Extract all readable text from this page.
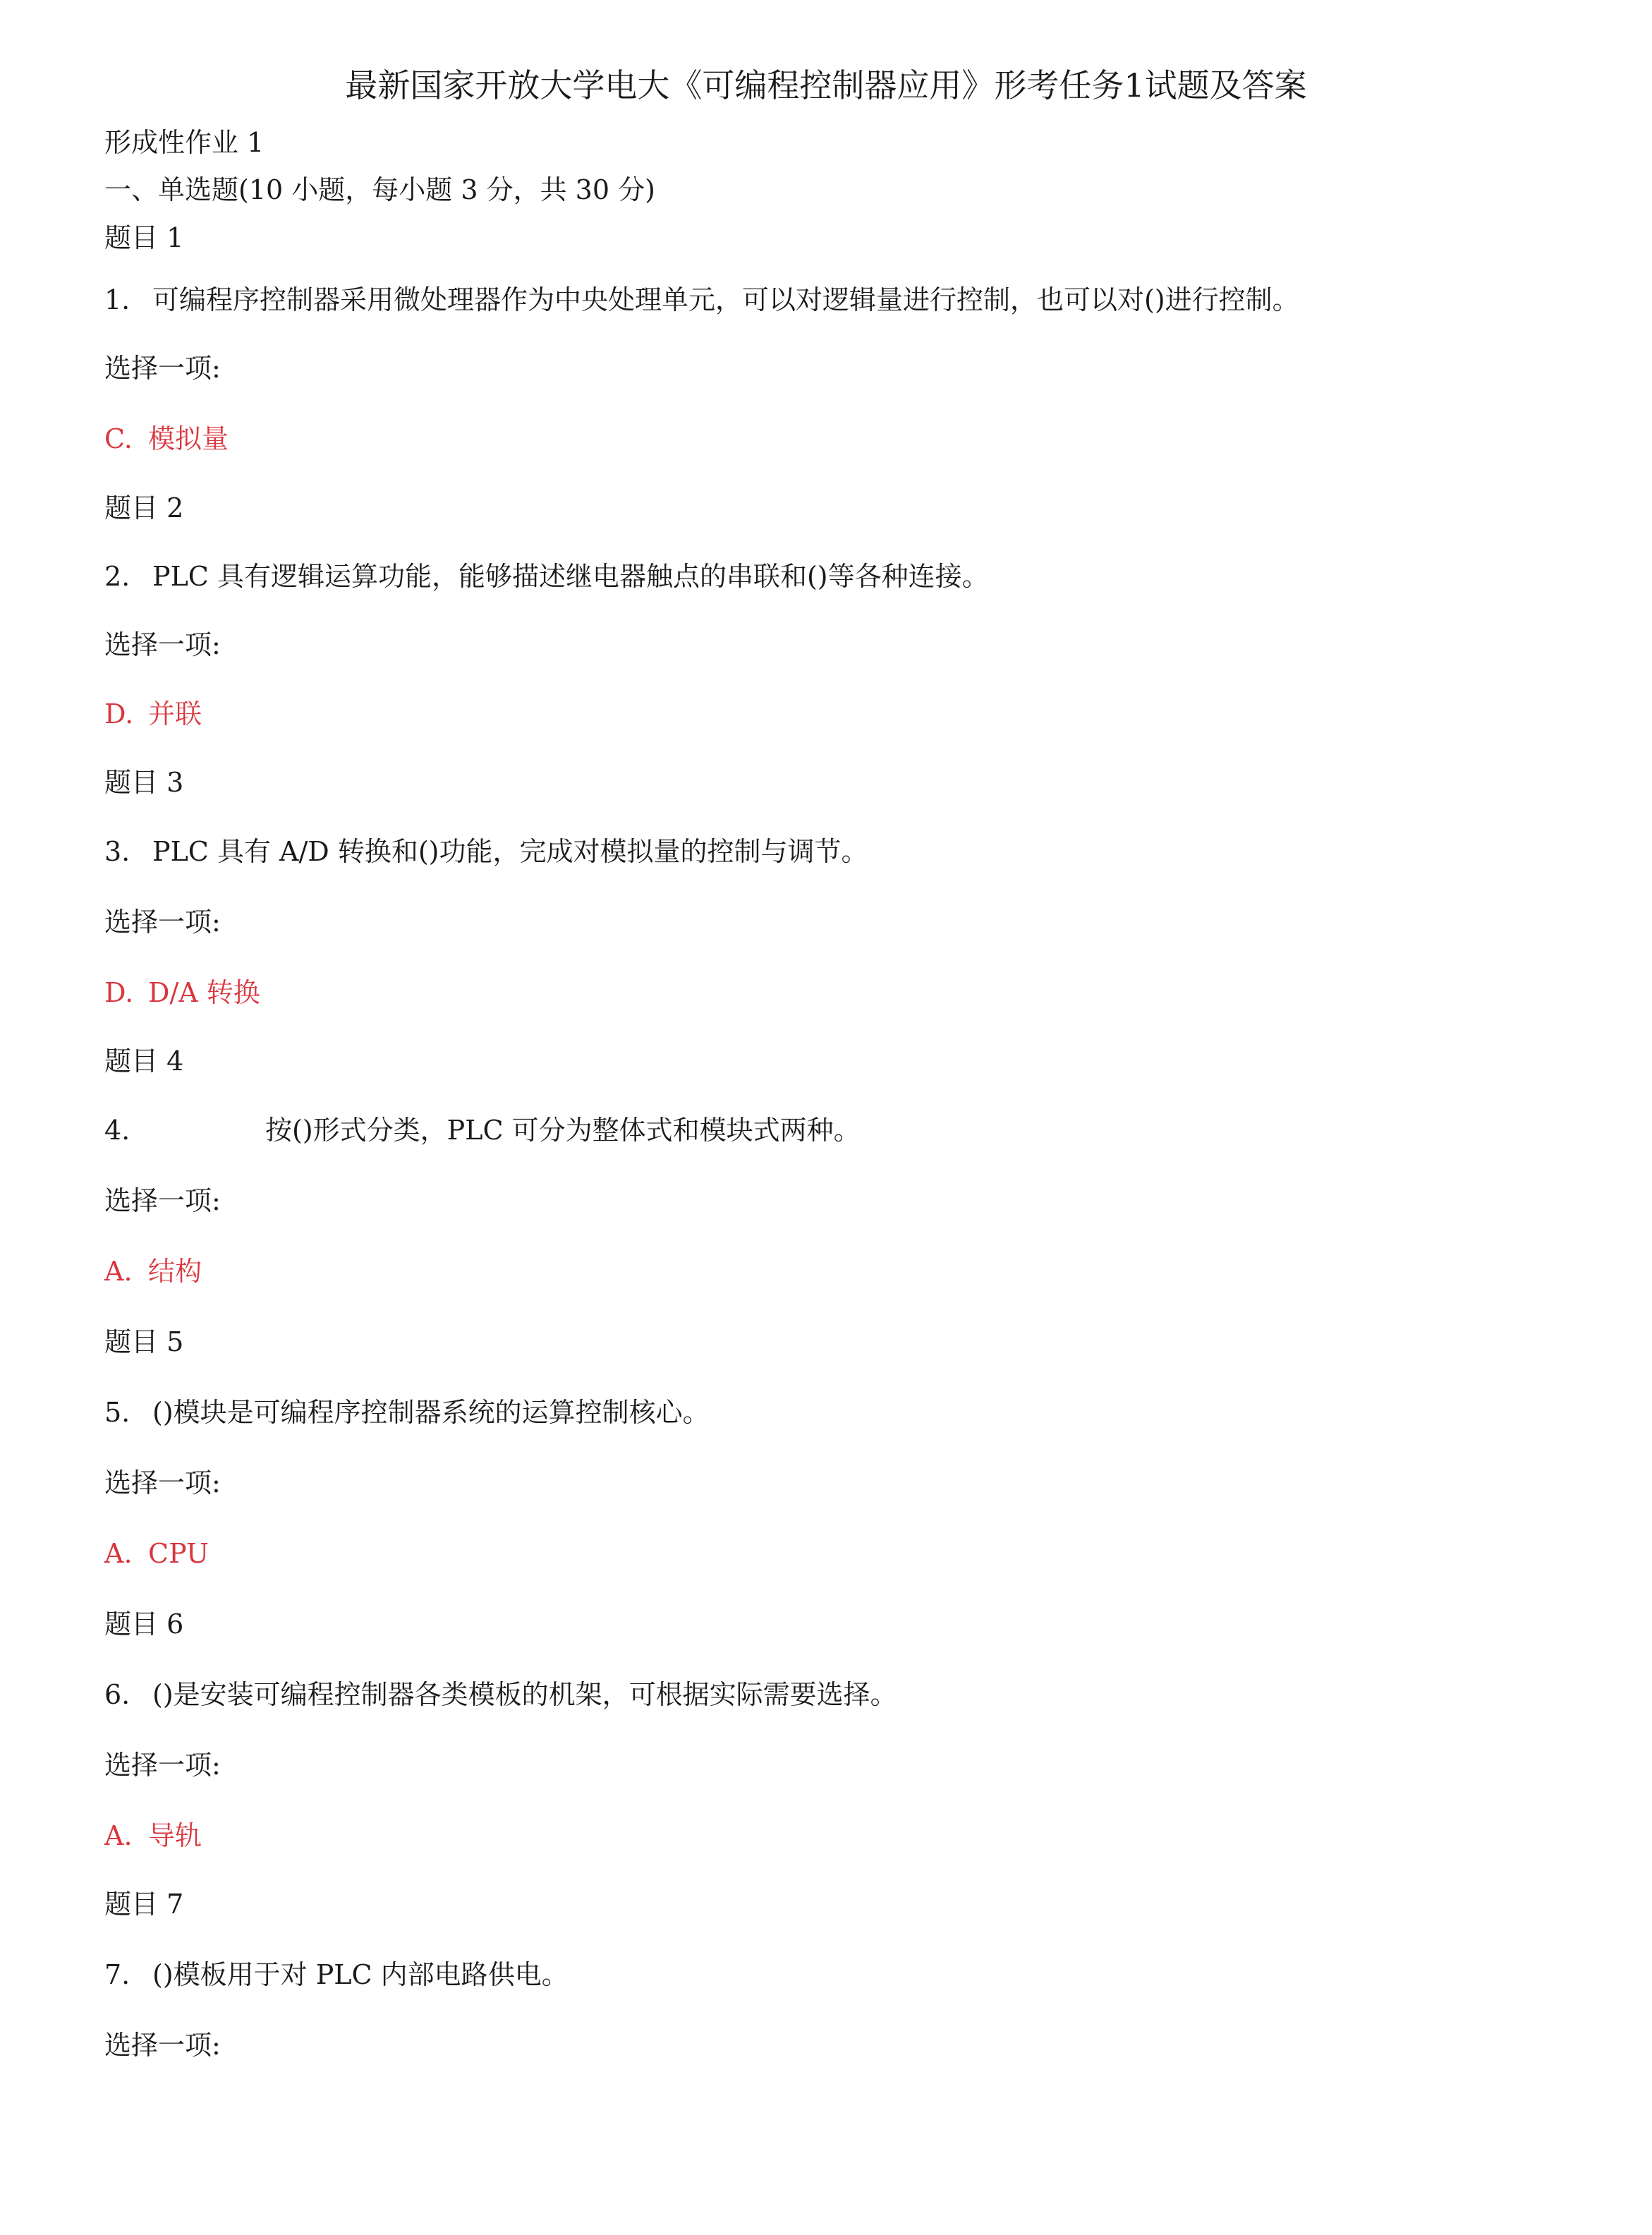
最新国家开放大学电大《可编程控制器应用》形考任务1试题及答案
形成性作业 1
一、单选题(10 小题，每小题 3 分，共 30 分)
题目 1
1. 可编程序控制器采用微处理器作为中央处理单元，可以对逻辑量进行控制，也可以对()进行控制。
选择一项:
C. 模拟量
题目 2
2. PLC 具有逻辑运算功能，能够描述继电器触点的串联和()等各种连接。
选择一项:
D. 并联
题目 3
3. PLC 具有 A/D 转换和()功能，完成对模拟量的控制与调节。
选择一项:
D. D/A 转换
题目 4
4.	按()形式分类，PLC 可分为整体式和模块式两种。
选择一项:
A. 结构
题目 5
5. ()模块是可编程序控制器系统的运算控制核心。
选择一项:
A. CPU
题目 6
6. ()是安装可编程控制器各类模板的机架，可根据实际需要选择。
选择一项:
A. 导轨
题目 7
7. ()模板用于对 PLC 内部电路供电。
选择一项:
